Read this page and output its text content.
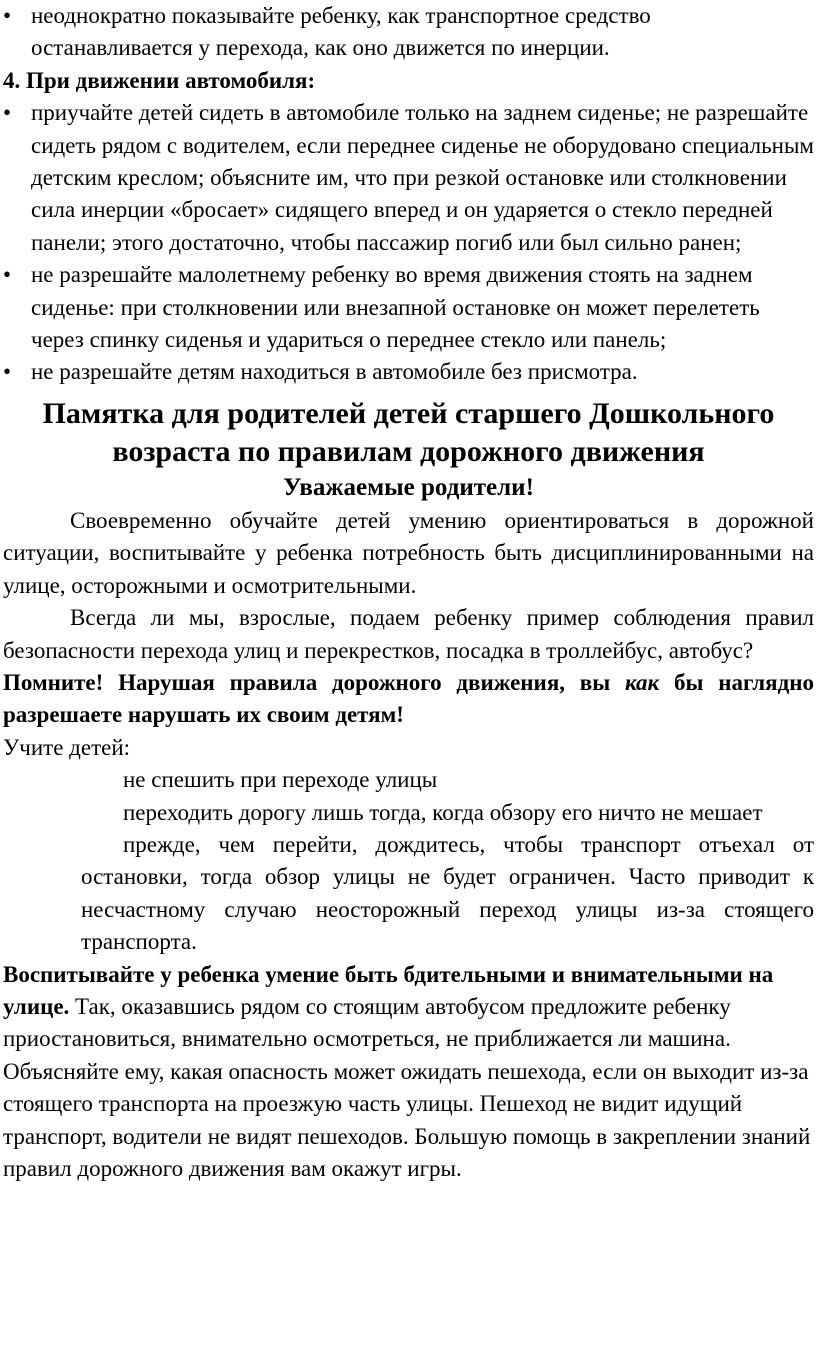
• неоднократно показывайте ребенку, как транспортное средство останавливается у перехода, как оно движется по инерции.

4. При движении автомобиля:

• приучайте детей сидеть в автомобиле только на заднем сиденье; не разрешайте сидеть рядом с водителем, если переднее сиденье не оборудовано специальным детским креслом; объясните им, что при резкой остановке или столкновении сила инерции «бросает» сидящего вперед и он ударяется о стекло передней панели; этого достаточно, чтобы пассажир погиб или был сильно ранен;
• не разрешайте малолетнему ребенку во время движения стоять на заднем сиденье: при столкновении или внезапной остановке он может перелететь через спинку сиденья и удариться о переднее стекло или панель;
• не разрешайте детям находиться в автомобиле без присмотра.

Памятка для родителей детей старшего Дошкольного возраста по правилам дорожного движения

Уважаемые родители!

Своевременно обучайте детей умению ориентироваться в дорожной ситуации, воспитывайте у ребенка потребность быть дисциплинированными на улице, осторожными и осмотрительными.

Всегда ли мы, взрослые, подаем ребенку пример соблюдения правил безопасности перехода улиц и перекрестков, посадка в троллейбус, автобус?

Помните! Нарушая правила дорожного движения, вы как бы наглядно разрешаете нарушать их своим детям!

Учите детей:

не спешить при переходе улицы
переходить дорогу лишь тогда, когда обзору его ничто не мешает
прежде, чем перейти, дождитесь, чтобы транспорт отъехал от остановки, тогда обзор улицы не будет ограничен. Часто приводит к несчастному случаю неосторожный переход улицы из-за стоящего транспорта.

Воспитывайте у ребенка умение быть бдительными и внимательными на улице. Так, оказавшись рядом со стоящим автобусом предложите ребенку приостановиться, внимательно осмотреться, не приближается ли машина. Объясняйте ему, какая опасность может ожидать пешехода, если он выходит из-за стоящего транспорта на проезжую часть улицы. Пешеход не видит идущий транспорт, водители не видят пешеходов. Большую помощь в закреплении знаний правил дорожного движения вам окажут игры.
